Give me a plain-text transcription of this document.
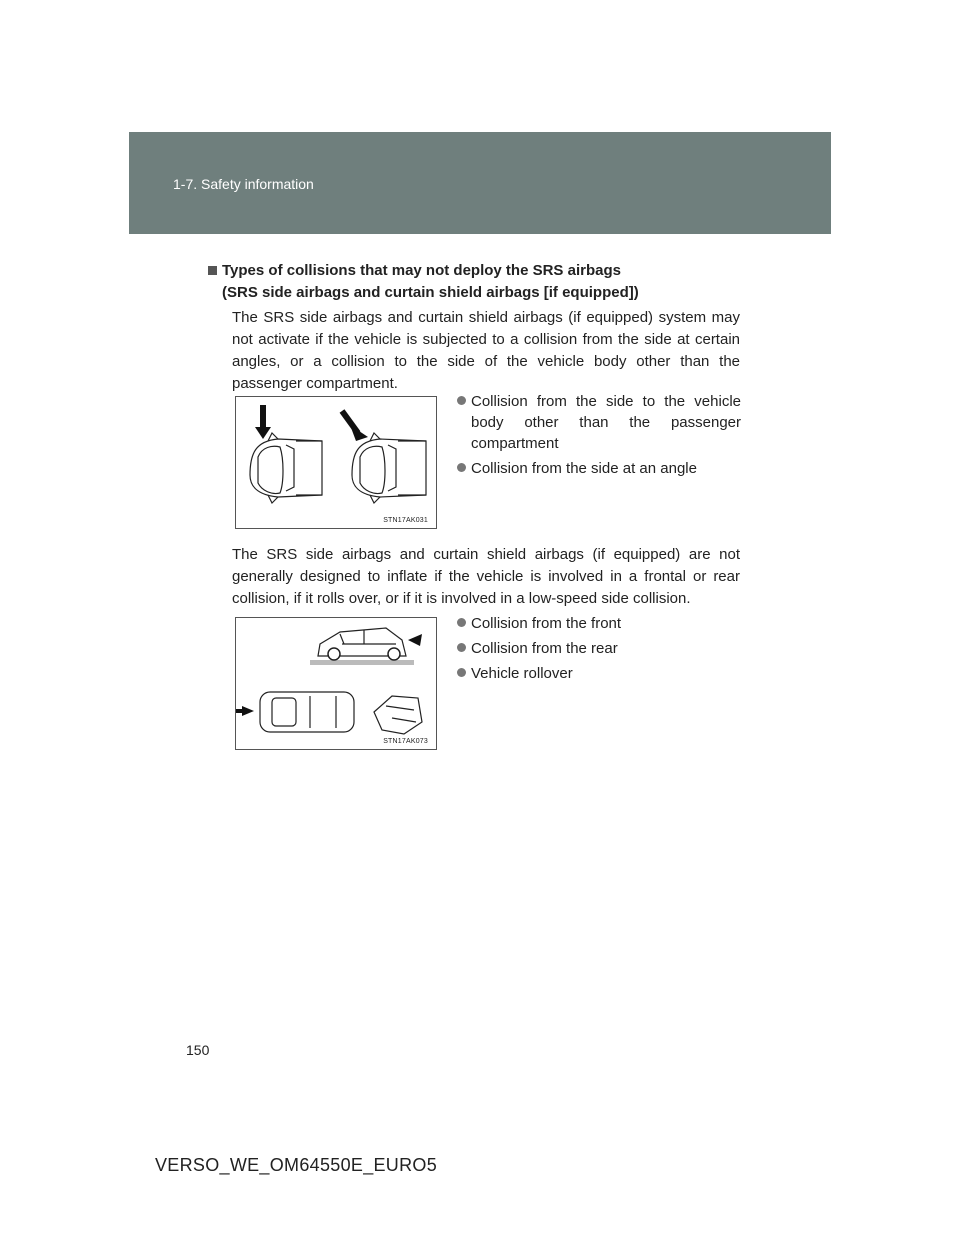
1-7. Safety information
Types of collisions that may not deploy the SRS airbags
(SRS side airbags and curtain shield airbags [if equipped])

The SRS side airbags and curtain shield airbags (if equipped) system may not activate if the vehicle is subjected to a collision from the side at certain angles, or a collision to the side of the vehicle body other than the passenger compartment.

STN17AK031
Collision from the side to the vehicle body other than the passenger compartment
Collision from the side at an angle

The SRS side airbags and curtain shield airbags (if equipped) are not generally designed to inflate if the vehicle is involved in a frontal or rear collision, if it rolls over, or if it is involved in a low-speed side collision.

STN17AK073
Collision from the front
Collision from the rear
Vehicle rollover
150
VERSO_WE_OM64550E_EURO5
